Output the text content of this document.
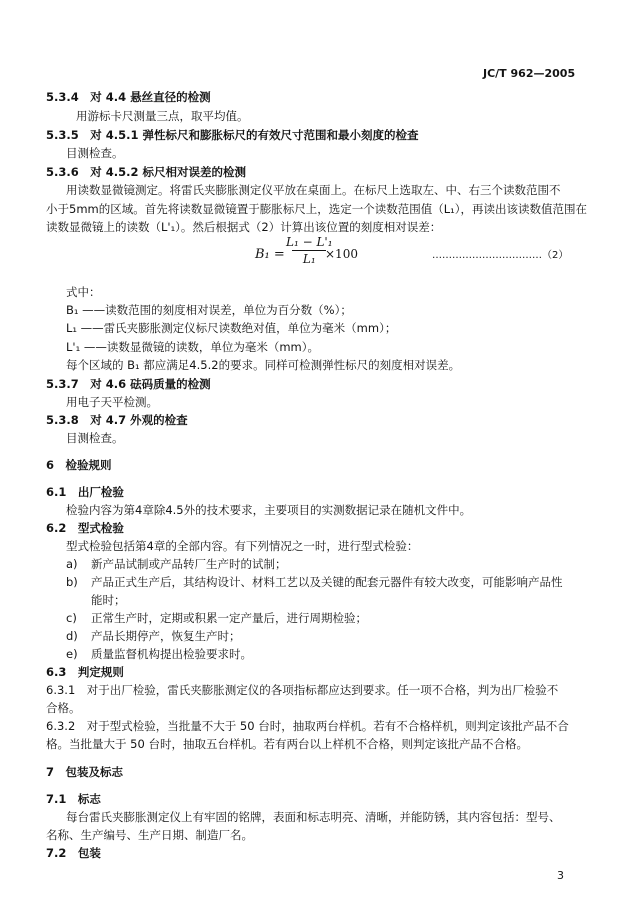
JC/T 962—2005
5.3.4　对 4.4 悬丝直径的检测
用游标卡尺测量三点，取平均值。
5.3.5　对 4.5.1 弹性标尺和膨胀标尺的有效尺寸范围和最小刻度的检查
目测检查。
5.3.6　对 4.5.2 标尺相对误差的检测
用读数显微镜测定。将雷氏夹膨胀测定仪平放在桌面上。在标尺上选取左、中、右三个读数范围不
小于5mm的区域。首先将读数显微镜置于膨胀标尺上，选定一个读数范围值（L₁），再读出该读数值范围在
读数显微镜上的读数（L'₁）。然后根据式（2）计算出该位置的刻度相对误差：
B₁ =
L₁ − L'₁
L₁ ×100	……………………………（2）
式中：
B₁ ——读数范围的刻度相对误差，单位为百分数（%）；
L₁ ——雷氏夹膨胀测定仪标尺读数绝对值，单位为毫米（mm）；
L'₁ ——读数显微镜的读数，单位为毫米（mm）。
每个区域的 B₁ 都应满足4.5.2的要求。同样可检测弹性标尺的刻度相对误差。
5.3.7　对 4.6 砝码质量的检测
用电子天平检测。
5.3.8　对 4.7 外观的检查
目测检查。
6　检验规则
6.1　出厂检验
检验内容为第4章除4.5外的技术要求，主要项目的实测数据记录在随机文件中。
6.2　型式检验
型式检验包括第4章的全部内容。有下列情况之一时，进行型式检验：
a) 新产品试制或产品转厂生产时的试制；
b) 产品正式生产后，其结构设计、材料工艺以及关键的配套元器件有较大改变，可能影响产品性
能时；
c) 正常生产时，定期或积累一定产量后，进行周期检验；
d) 产品长期停产，恢复生产时；
e) 质量监督机构提出检验要求时。
6.3　判定规则
6.3.1　对于出厂检验，雷氏夹膨胀测定仪的各项指标都应达到要求。任一项不合格，判为出厂检验不
合格。
6.3.2　对于型式检验，当批量不大于 50 台时，抽取两台样机。若有不合格样机，则判定该批产品不合
格。当批量大于 50 台时，抽取五台样机。若有两台以上样机不合格，则判定该批产品不合格。
7　包装及标志
7.1　标志
每台雷氏夹膨胀测定仪上有牢固的铭牌，表面和标志明亮、清晰，并能防锈，其内容包括：型号、
名称、生产编号、生产日期、制造厂名。
7.2　包装
3
